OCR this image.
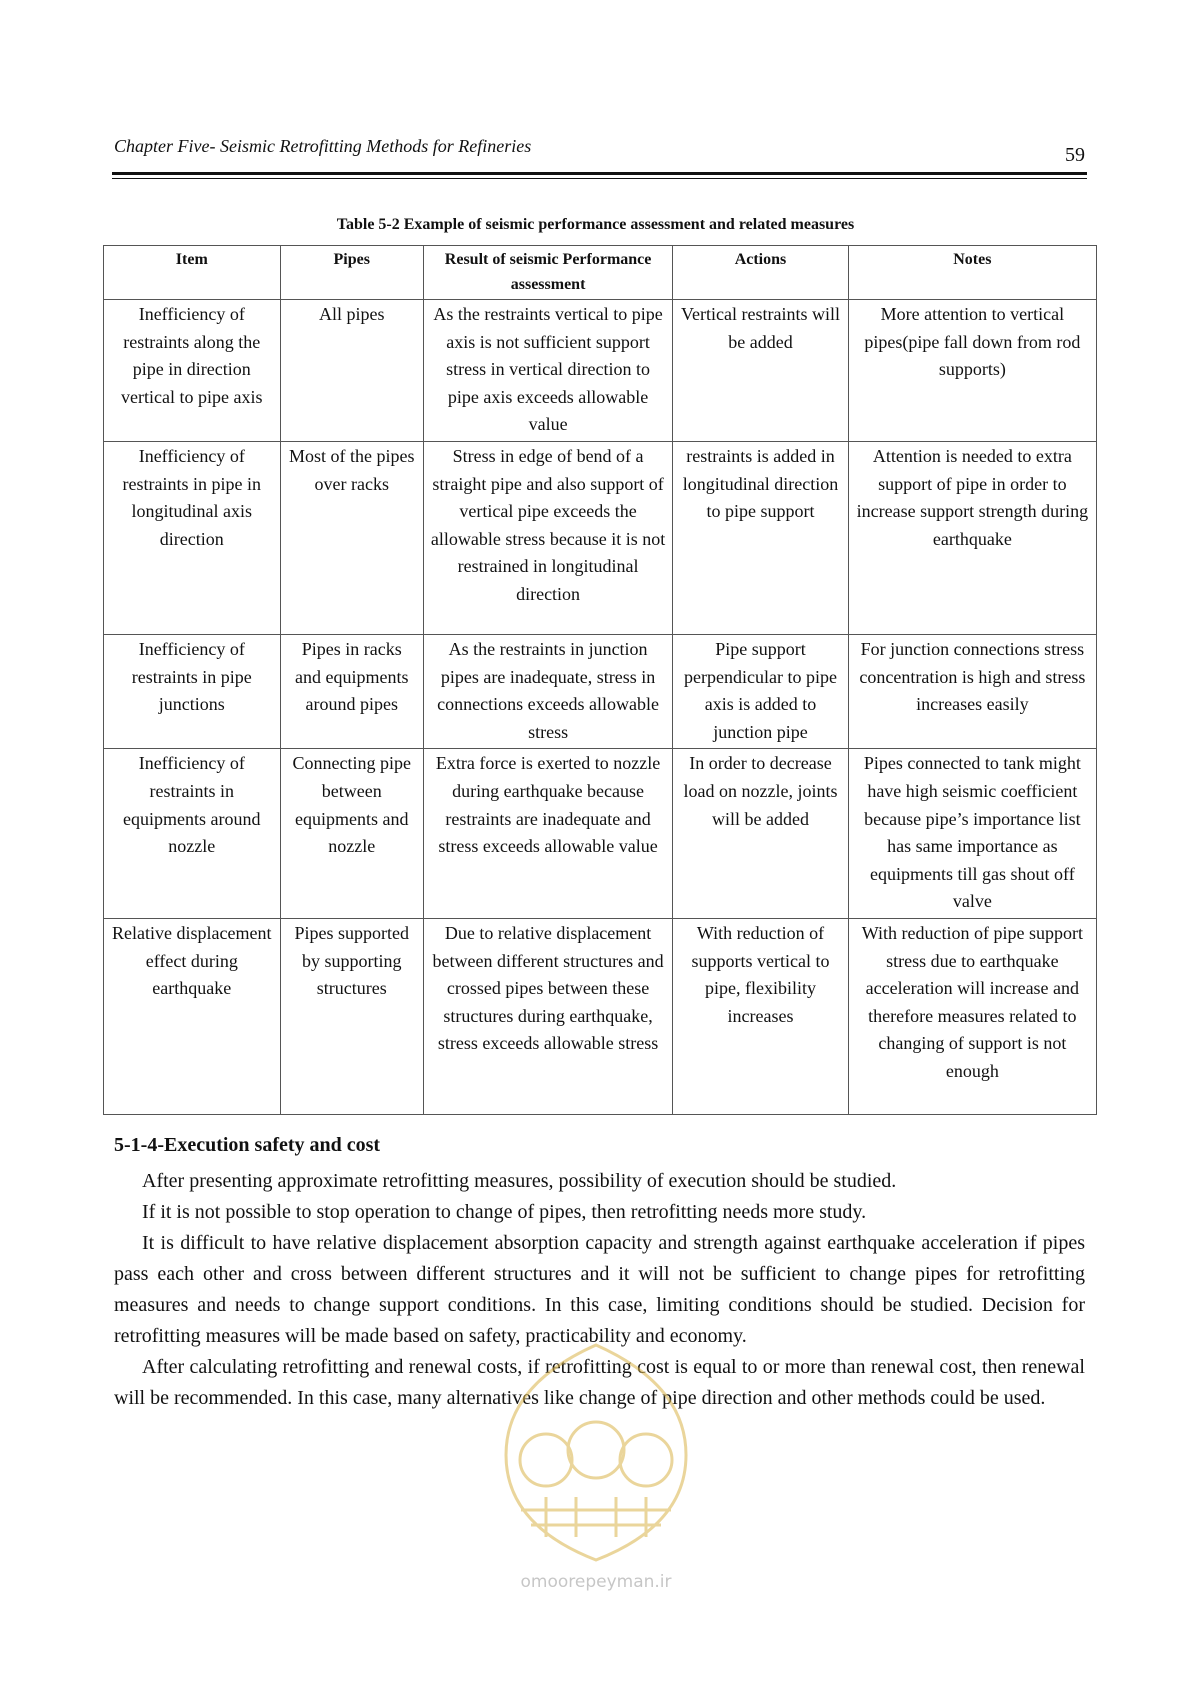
Chapter Five- Seismic Retrofitting Methods for Refineries	59
Table 5-2 Example of seismic performance assessment and related measures
Item	Pipes	Result of seismic Performance assessment	Actions	Notes
Inefficiency of restraints along the pipe in direction vertical to pipe axis	All pipes	As the restraints vertical to pipe axis is not sufficient support stress in vertical direction to pipe axis exceeds allowable value	Vertical restraints will be added	More attention to vertical pipes(pipe fall down from rod supports)
Inefficiency of restraints in pipe in longitudinal axis direction	Most of the pipes over racks	Stress in edge of bend of a straight pipe and also support of vertical pipe exceeds the allowable stress because it is not restrained in longitudinal direction	restraints is added in longitudinal direction to pipe support	Attention is needed to extra support of pipe in order to increase support strength during earthquake
Inefficiency of restraints in pipe junctions	Pipes in racks and equipments around pipes	As the restraints in junction pipes are inadequate, stress in connections exceeds allowable stress	Pipe support perpendicular to pipe axis is added to junction pipe	For junction connections stress concentration is high and stress increases easily
Inefficiency of restraints in equipments around nozzle	Connecting pipe between equipments and nozzle	Extra force is exerted to nozzle during earthquake because restraints are inadequate and stress exceeds allowable value	In order to decrease load on nozzle, joints will be added	Pipes connected to tank might have high seismic coefficient because pipe’s importance list has same importance as equipments till gas shout off valve
Relative displacement effect during earthquake	Pipes supported by supporting structures	Due to relative displacement between different structures and crossed pipes between these structures during earthquake, stress exceeds allowable stress	With reduction of supports vertical to pipe, flexibility increases	With reduction of pipe support stress due to earthquake acceleration will increase and therefore measures related to changing of support is not enough
5-1-4-Execution safety and cost

After presenting approximate retrofitting measures, possibility of execution should be studied.

If it is not possible to stop operation to change of pipes, then retrofitting needs more study.

It is difficult to have relative displacement absorption capacity and strength against earthquake acceleration if pipes pass each other and cross between different structures and it will not be sufficient to change pipes for retrofitting measures and needs to change support conditions. In this case, limiting conditions should be studied. Decision for retrofitting measures will be made based on safety, practicability and economy.

After calculating retrofitting and renewal costs, if retrofitting cost is equal to or more than renewal cost, then renewal will be recommended. In this case, many alternatives like change of pipe direction and other methods could be used.

omoorepeyman.ir
